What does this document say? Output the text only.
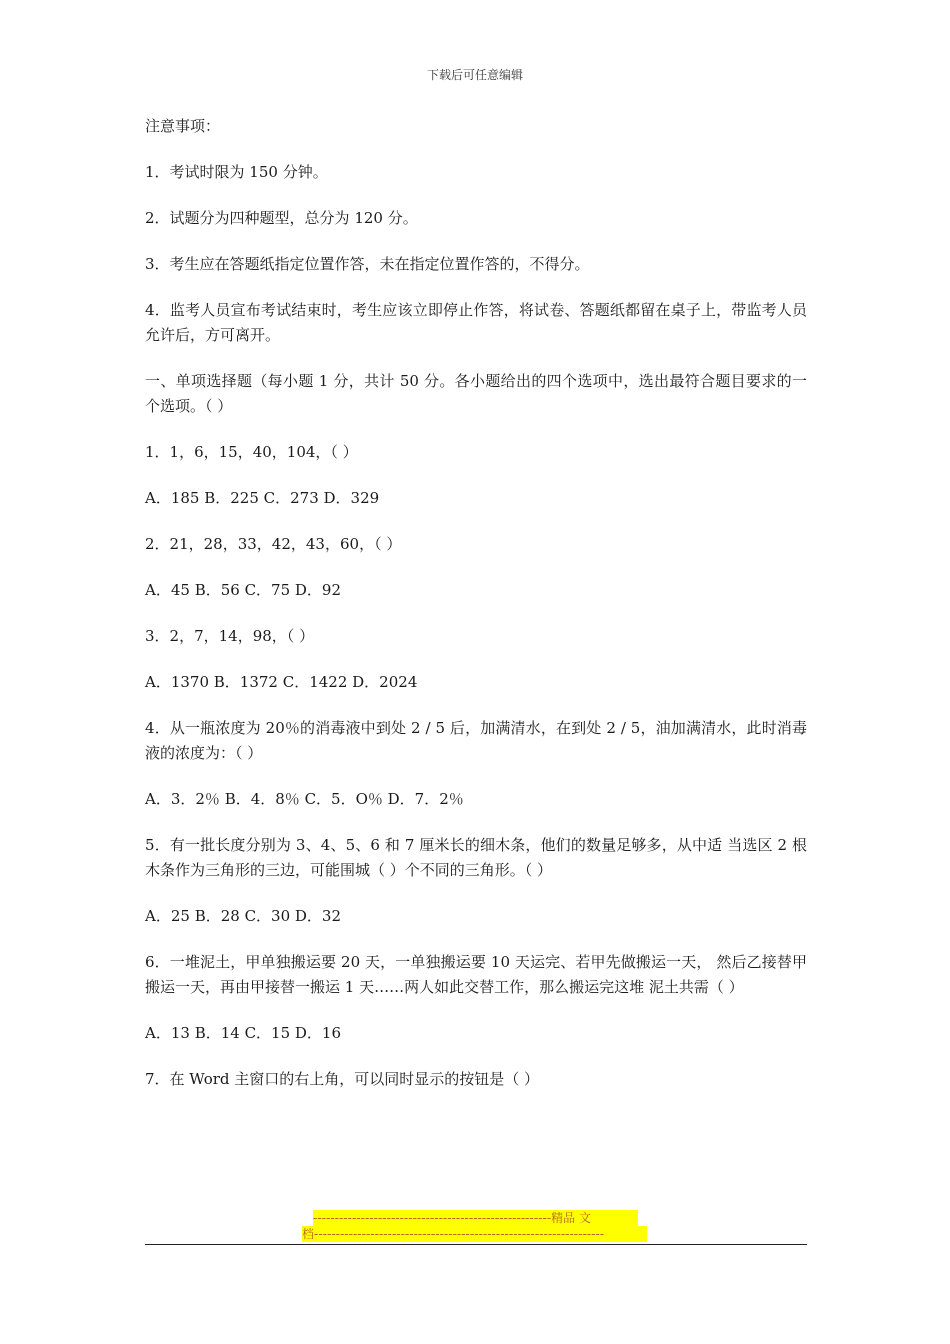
下载后可任意编辑

注意事项：

1．考试时限为 150 分钟。

2．试题分为四种题型，总分为 120 分。

3．考生应在答题纸指定位置作答，未在指定位置作答的，不得分。

4．监考人员宣布考试结束时，考生应该立即停止作答，将试卷、答题纸都留在桌子上，带监考人员允许后，方可离开。

一、单项选择题（每小题 1 分，共计 50 分。各小题给出的四个选项中，选出最符合题目要求的一个选项。（ ）

1．1，6，15，40，104，（ ）

A．185 B．225 C．273 D．329

2．21，28，33，42，43，60，（ ）

A．45 B．56 C．75 D．92

3．2，7，14，98，（ ）

A．1370 B．1372 C．1422 D．2024

4．从一瓶浓度为 20％的消毒液中到处 2 / 5 后，加满清水，在到处 2 / 5，油加满清水，此时消毒液的浓度为：（ ）

A．3．2％ B．4．8％ C．5．O％ D．7．2％

5．有一批长度分别为 3、4、5、6 和 7 厘米长的细木条，他们的数量足够多，从中适 当选区 2 根木条作为三角形的三边，可能围城（ ）个不同的三角形。（ ）

A．25 B．28 C．30 D．32

6．一堆泥土，甲单独搬运要 20 天，一单独搬运要 10 天运完、若甲先做搬运一天， 然后乙接替甲搬运一天，再由甲接替一搬运 1 天……两人如此交替工作，那么搬运完这堆 泥土共需（ ）

A．13 B．14 C．15 D．16

7．在 Word 主窗口的右上角，可以同时显示的按钮是（ ）

-------------------------------------------------------精品 文
档-------------------------------------------------------------------
